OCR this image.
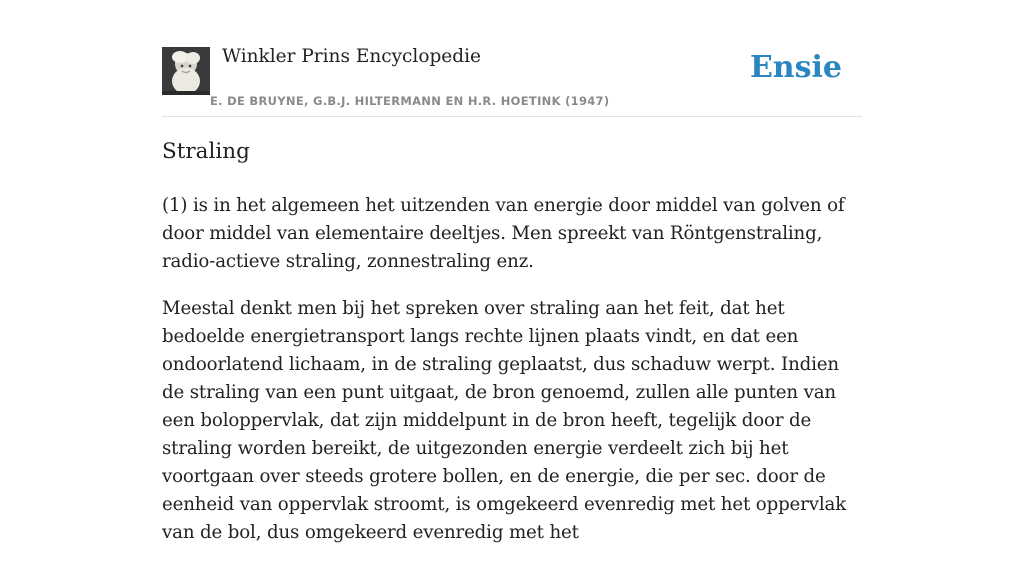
Winkler Prins Encyclopedie
E. DE BRUYNE, G.B.J. HILTERMANN EN H.R. HOETINK (1947)
Ensie
Straling

(1) is in het algemeen het uitzenden van energie door middel van golven of door middel van elementaire deeltjes. Men spreekt van Röntgenstraling, radio-actieve straling, zonnestraling enz.

Meestal denkt men bij het spreken over straling aan het feit, dat het bedoelde energietransport langs rechte lijnen plaats vindt, en dat een ondoorlatend lichaam, in de straling geplaatst, dus schaduw werpt. Indien de straling van een punt uitgaat, de bron genoemd, zullen alle punten van een boloppervlak, dat zijn middelpunt in de bron heeft, tegelijk door de straling worden bereikt, de uitgezonden energie verdeelt zich bij het voortgaan over steeds grotere bollen, en de energie, die per sec. door de eenheid van oppervlak stroomt, is omgekeerd evenredig met het oppervlak van de bol, dus omgekeerd evenredig met het
